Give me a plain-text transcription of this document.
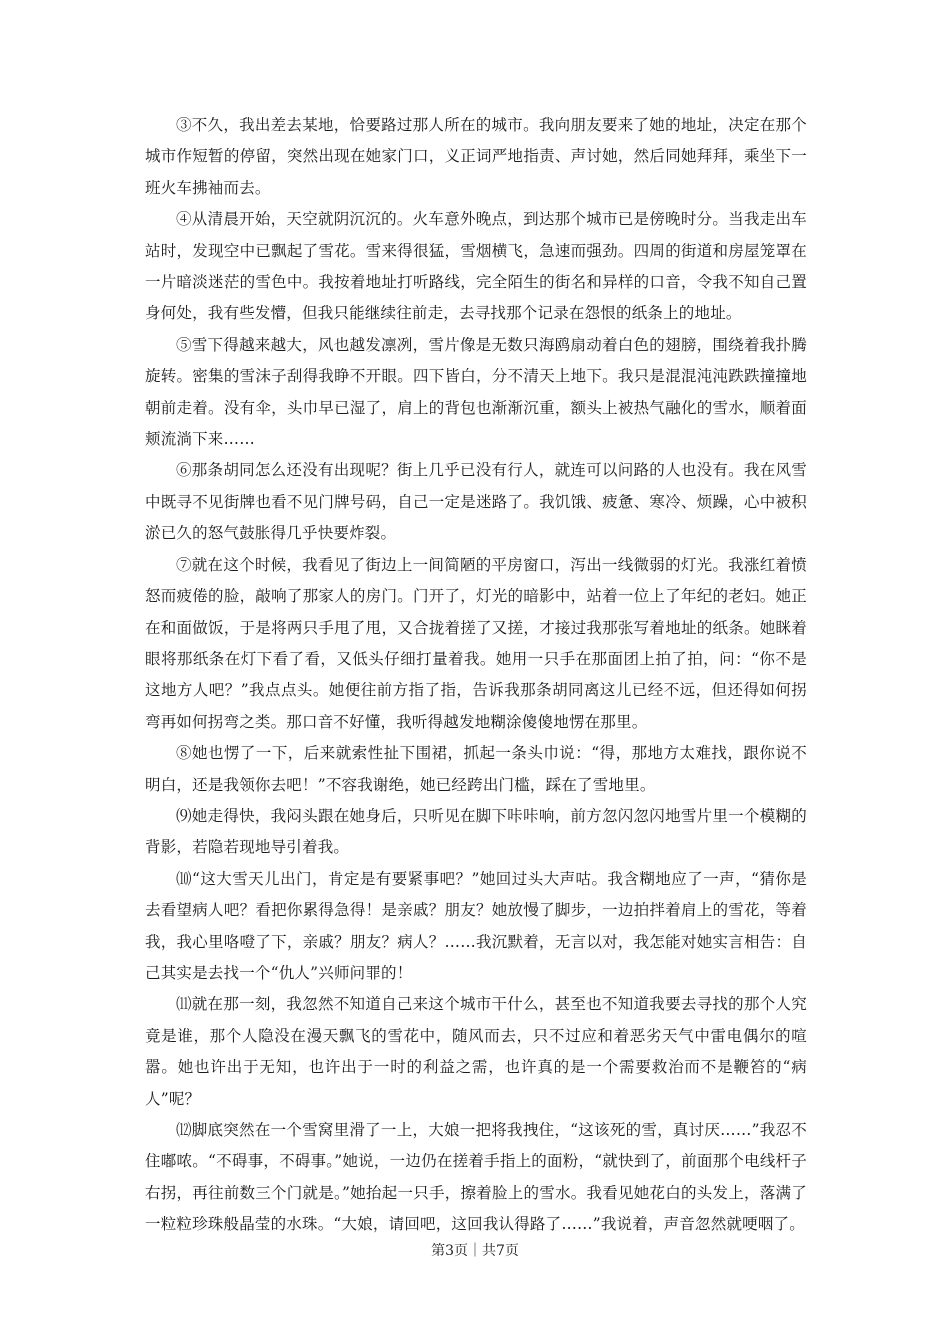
③不久，我出差去某地，恰要路过那人所在的城市。我向朋友要来了她的地址，决定在那个城市作短暂的停留，突然出现在她家门口，义正词严地指责、声讨她，然后同她拜拜，乘坐下一班火车拂袖而去。

④从清晨开始，天空就阴沉沉的。火车意外晚点，到达那个城市已是傍晚时分。当我走出车站时，发现空中已飘起了雪花。雪来得很猛，雪烟横飞，急速而强劲。四周的街道和房屋笼罩在一片暗淡迷茫的雪色中。我按着地址打听路线，完全陌生的街名和异样的口音，令我不知自己置身何处，我有些发懵，但我只能继续往前走，去寻找那个记录在怨恨的纸条上的地址。

⑤雪下得越来越大，风也越发凛冽，雪片像是无数只海鸥扇动着白色的翅膀，围绕着我扑腾旋转。密集的雪沫子刮得我睁不开眼。四下皆白，分不清天上地下。我只是混混沌沌跌跌撞撞地朝前走着。没有伞，头巾早已湿了，肩上的背包也渐渐沉重，额头上被热气融化的雪水，顺着面颊流淌下来……

⑥那条胡同怎么还没有出现呢？街上几乎已没有行人，就连可以问路的人也没有。我在风雪中既寻不见街牌也看不见门牌号码，自己一定是迷路了。我饥饿、疲惫、寒冷、烦躁，心中被积淤已久的怒气鼓胀得几乎快要炸裂。

⑦就在这个时候，我看见了街边上一间简陋的平房窗口，泻出一线微弱的灯光。我涨红着愤怒而疲倦的脸，敲响了那家人的房门。门开了，灯光的暗影中，站着一位上了年纪的老妇。她正在和面做饭，于是将两只手甩了甩，又合拢着搓了又搓，才接过我那张写着地址的纸条。她眯着眼将那纸条在灯下看了看，又低头仔细打量着我。她用一只手在那面团上拍了拍，问：“你不是这地方人吧？”我点点头。她便往前方指了指，告诉我那条胡同离这儿已经不远，但还得如何拐弯再如何拐弯之类。那口音不好懂，我听得越发地糊涂傻傻地愣在那里。

⑧她也愣了一下，后来就索性扯下围裙，抓起一条头巾说：“得，那地方太难找，跟你说不明白，还是我领你去吧！”不容我谢绝，她已经跨出门槛，踩在了雪地里。

⑼她走得快，我闷头跟在她身后，只听见在脚下咔咔响，前方忽闪忽闪地雪片里一个模糊的背影，若隐若现地导引着我。

⑽“这大雪天儿出门，肯定是有要紧事吧？”她回过头大声咕。我含糊地应了一声，“猜你是去看望病人吧？看把你累得急得！是亲戚？朋友？她放慢了脚步，一边拍拌着肩上的雪花，等着我，我心里咯噔了下，亲戚？朋友？病人？……我沉默着，无言以对，我怎能对她实言相告：自己其实是去找一个“仇人”兴师问罪的！

⑾就在那一刻，我忽然不知道自己来这个城市干什么，甚至也不知道我要去寻找的那个人究竟是谁，那个人隐没在漫天飘飞的雪花中，随风而去，只不过应和着恶劣天气中雷电偶尔的喧嚣。她也许出于无知，也许出于一时的利益之需，也许真的是一个需要救治而不是鞭笞的“病人”呢？

⑿脚底突然在一个雪窝里滑了一上，大娘一把将我拽住，“这该死的雪，真讨厌……”我忍不住嘟哝。“不碍事，不碍事。”她说，一边仍在搓着手指上的面粉，“就快到了，前面那个电线杆子右拐，再往前数三个门就是。”她抬起一只手，擦着脸上的雪水。我看见她花白的头发上，落满了一粒粒珍珠般晶莹的水珠。“大娘，请回吧，这回我认得路了……”我说着，声音忽然就哽咽了。

第3页｜共7页
